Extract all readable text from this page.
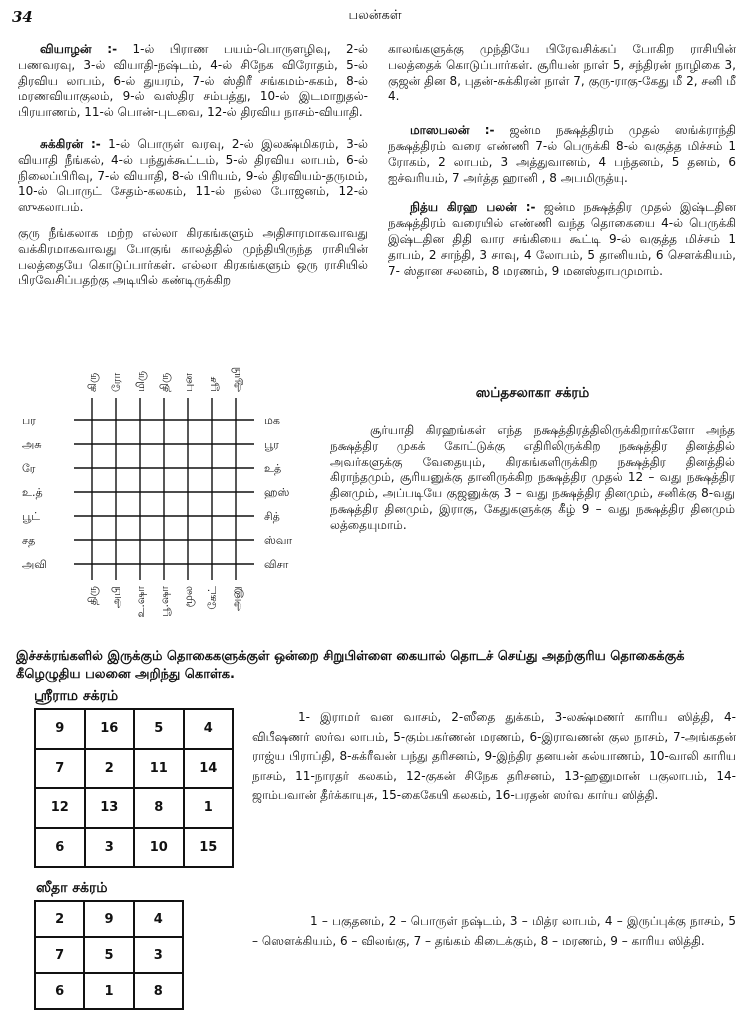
34	பலன்கள்

வியாழன் :- 1-ல் பிராண பயம்-பொருளழிவு, 2-ல் பணவரவு, 3-ல் வியாதி-நஷ்டம், 4-ல் சிநேக விரோதம், 5-ல் திரவிய லாபம், 6-ல் துயரம், 7-ல் ஸ்திரீ சங்கமம்-சுகம், 8-ல் மரணவியாகுலம், 9-ல் வஸ்திர சம்பத்து, 10-ல் இடமாறுதல்-பிரயாணம், 11-ல் பொன்-புடவை, 12-ல் திரவிய நாசம்-வியாதி.

சுக்கிரன் :- 1-ல் பொருள் வரவு, 2-ல் இலக்ஷ்மிகரம், 3-ல் வியாதி நீங்கல், 4-ல் பந்துக்கூட்டம், 5-ல் திரவிய லாபம், 6-ல் நிலைப்பிரிவு, 7-ல் வியாதி, 8-ல் பிரியம், 9-ல் திரவியம்-தருமம், 10-ல் பொருட் சேதம்-கலகம், 11-ல் நல்ல போஜனம், 12-ல் ஸுகலாபம்.

குரு நீங்கலாக மற்ற எல்லா கிரகங்களும் அதிசாரமாகவாவது வக்கிரமாகவாவது போகுங் காலத்தில் முந்தியிருந்த ராசியின் பலத்தையே கொடுப்பார்கள். எல்லா கிரகங்களும் ஒரு ராசியில் பிரவேசிப்பதற்கு அடியில் கண்டிருக்கிற

காலங்களுக்கு முந்தியே பிரேவசிக்கப் போகிற ராசியின் பலத்தைக் கொடுப்பார்கள். சூரியன் நாள் 5, சந்திரன் நாழிகை 3, குஜன் தின 8, புதன்-சுக்கிரன் நாள் 7, குரு-ராகு-கேது மீ 2, சனி மீ 4.

மாஸபலன் :- ஜன்ம நக்ஷத்திரம் முதல் ஸங்க்ராந்தி நக்ஷத்திரம் வரை எண்ணி 7-ல் பெருக்கி 8-ல் வகுத்த மிச்சம் 1 ரோகம், 2 லாபம், 3 அத்துவானம், 4 பந்தனம், 5 தனம், 6 ஐச்வரியம், 7 அர்த்த ஹானி , 8 அபமிருத்யு.

நித்ய கிரஹ பலன் :- ஜன்ம நக்ஷத்திர முதல் இஷ்டதின நக்ஷத்திரம் வரையில் எண்ணி வந்த தொகையை 4-ல் பெருக்கி இஷ்டதின திதி வார சங்கியை கூட்டி 9-ல் வகுத்த மிச்சம் 1 தாபம், 2 சாந்தி, 3 சாவு, 4 லோபம், 5 தானியம், 6 சௌக்கியம், 7- ஸ்தான சலனம், 8 மரணம், 9 மனஸ்தாபமுமாம்.

கிரு ரோ மிரு திரு புன பூச ஆயி
திரு அபி உ.ஷா பூ.ஷா மூல கேட் அனு
பர
அசு
ரே
உ.த்
பூட்
சத
அவி
மக
பூர
உத்
ஹஸ்
சித்
ஸ்வா
விசா
ஸப்தசலாகா சக்ரம்

சூர்யாதி கிரஹங்கள் எந்த நக்ஷத்திரத்திலிருக்கிறார்களோ அந்த நக்ஷத்திர முகக் கோட்டுக்கு எதிரிலிருக்கிற நக்ஷத்திர தினத்தில் அவர்களுக்கு வேதையும், கிரகங்களிருக்கிற நக்ஷத்திர தினத்தில் கிராந்தமும், சூரியனுக்கு தானிருக்கிற நக்ஷத்திர முதல் 12 – வது நக்ஷத்திர தினமும், அப்படியே குஜனுக்கு 3 – வது நக்ஷத்திர தினமும், சனிக்கு 8-வது நக்ஷத்திர தினமும், இராகு, கேதுகளுக்கு கீழ் 9 – வது நக்ஷத்திர தினமும் லத்தையுமாம்.

இச்சக்ரங்களில் இருக்கும் தொகைகளுக்குள் ஒன்றை சிறுபிள்ளை கையால் தொடச் செய்து அதற்குரிய தொகைக்குக் கீழெழுதிய பலனை அறிந்து கொள்க.

ஸ்ரீராம சக்ரம்
9	16	5	4
7	2	11	14
12	13	8	1
6	3	10	15

1- இராமர் வன வாசம், 2-ஸீதை துக்கம், 3-லக்ஷ்மணர் காரிய ஸித்தி, 4-விபீஷணர் ஸர்வ லாபம், 5-கும்பகர்ணன் மரணம், 6-இராவணன் குல நாசம், 7-அங்கதன் ராஜ்ய பிராப்தி, 8-சுக்ரீவன் பந்து தரிசனம், 9-இந்திர தனயன் கல்யாணம், 10-வாலி காரிய நாசம், 11-நாரதர் கலகம், 12-குகன் சிநேக தரிசனம், 13-ஹனுமான் பகுலாபம், 14-ஜாம்பவான் தீர்க்காயுசு, 15-கைகேயி கலகம், 16-பரதன் ஸர்வ கார்ய ஸித்தி.

ஸீதா சக்ரம்
2	9	4
7	5	3
6	1	8

1 – பகுதனம், 2 – பொருள் நஷ்டம், 3 – மித்ர லாபம், 4 – இருப்புக்கு நாசம், 5 – ஸௌக்கியம், 6 – விலங்கு, 7 – தங்கம் கிடைக்கும், 8 – மரணம், 9 – காரிய ஸித்தி.
